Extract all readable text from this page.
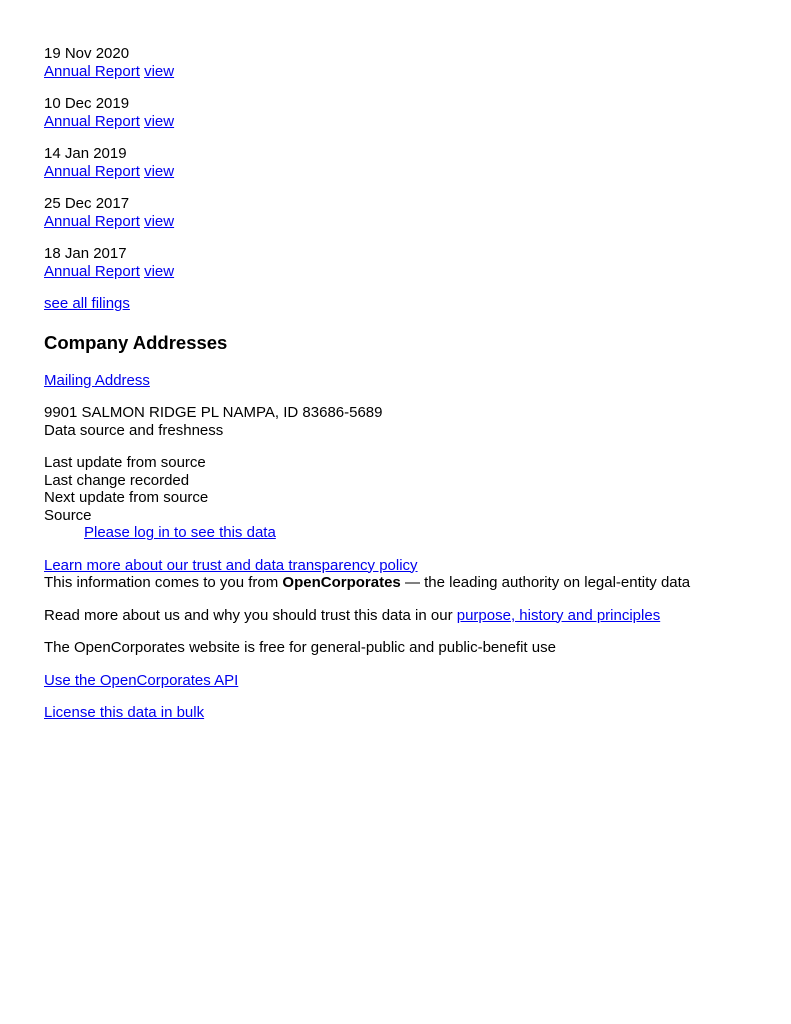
19 Nov 2020
Annual Report view

10 Dec 2019
Annual Report view

14 Jan 2019
Annual Report view

25 Dec 2017
Annual Report view

18 Jan 2017
Annual Report view

see all filings

Company Addresses

Mailing Address

9901 SALMON RIDGE PL NAMPA, ID 83686-5689
Data source and freshness

Last update from source
Last change recorded
Next update from source
Source
Please log in to see this data

Learn more about our trust and data transparency policy
This information comes to you from OpenCorporates — the leading authority on legal-entity data

Read more about us and why you should trust this data in our purpose, history and principles

The OpenCorporates website is free for general-public and public-benefit use

Use the OpenCorporates API

License this data in bulk
